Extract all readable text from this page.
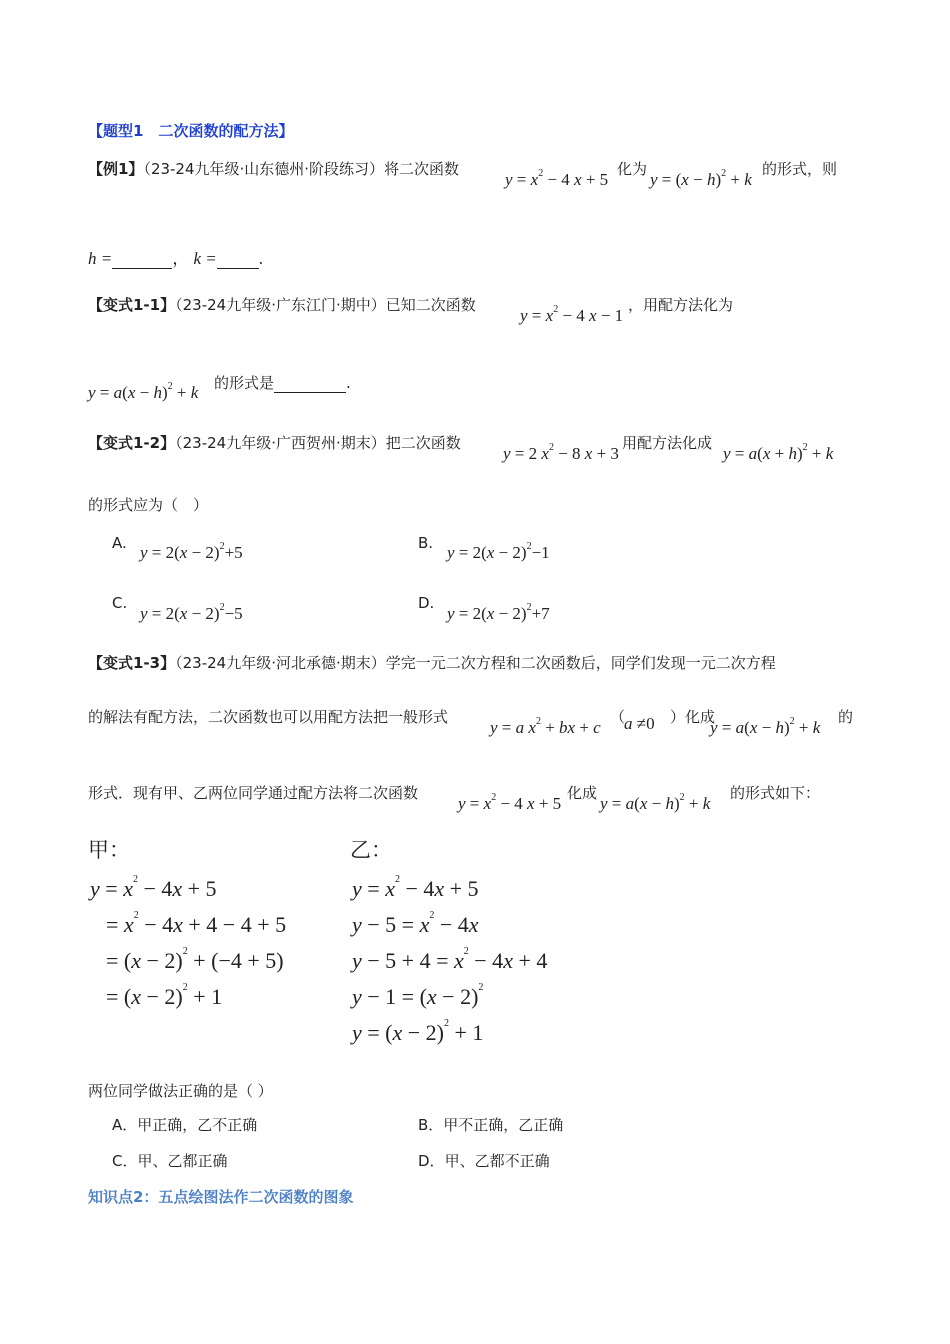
【题型1　二次函数的配方法】
【例1】（23-24九年级·山东德州·阶段练习）将二次函数
$y = x^2 - 4$ x + 5
化为
$y = (x - h)^2 + k$
的形式，则
h =	， k = .
【变式1-1】（23-24九年级·广东江门·期中）已知二次函数
$y = x^2 - 4$ x − 1
，用配方法化为
$y = a(x - h)^2 + k$ 的形式是	.
【变式1-2】（23-24九年级·广西贺州·期末）把二次函数
y = 2 $x^2 - 8$ x + 3
用配方法化成
$y = a(x + h)^2 + k$
的形式应为（　）
A. $y = 2(x - 2)^2+5$	B. $y = 2(x - 2)^2-1$
C.
$y = 2(x - 2)^2-5$
D.
$y = 2(x - 2)^2+7$
【变式1-3】（23-24九年级·河北承德·期末）学完一元二次方程和二次函数后，同学们发现一元二次方程
的解法有配方法，二次函数也可以用配方法把一般形式
y = a $x^2$ + bx + c
（
a ≠0 ）化成
$y = a(x - h)^2 + k$
的
形式．现有甲、乙两位同学通过配方法将二次函数
$y = x^2 - 4$ x + 5
化成
$y = a(x - h)^2 + k$
的形式如下：
甲：	乙：
$y = x^2 - 4x + 5$
= $x^2 - 4x + 4 - 4 + 5$
= $(x - 2)^2 + (-4 + 5)$
= $(x - 2)^2 + 1$
$y = x^2 - 4x + 5$
$y - 5 = x^2 - 4x$
$y - 5 + 4 = x^2 - 4x + 4$
$y - 1 = (x - 2)^2$
$y = (x - 2)^2 + 1$
两位同学做法正确的是（ ）
A．甲正确，乙不正确	B．甲不正确，乙正确
C．甲、乙都正确	D．甲、乙都不正确
知识点2：五点绘图法作二次函数的图象
